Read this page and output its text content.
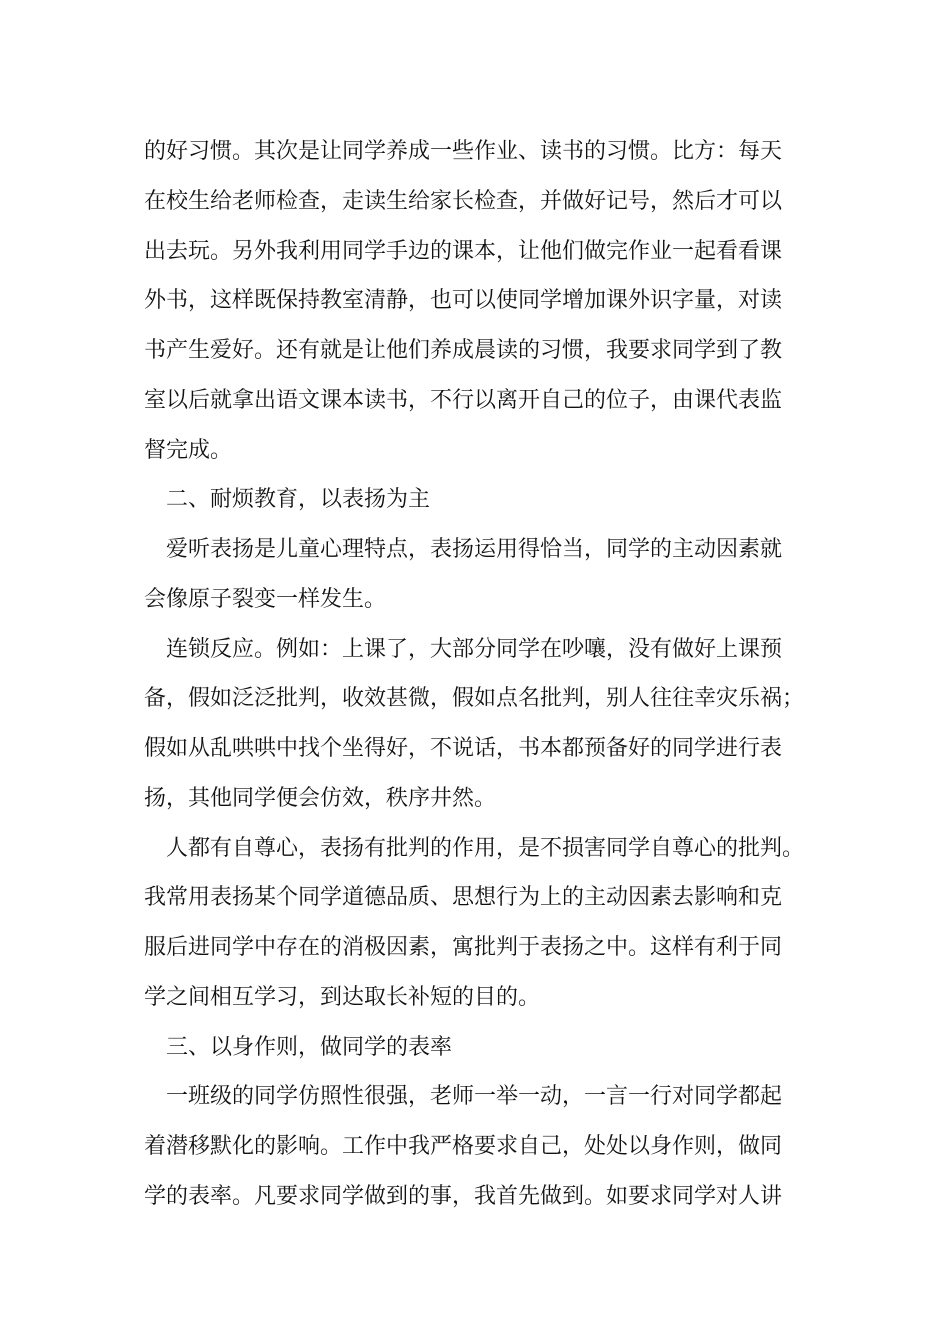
的好习惯。其次是让同学养成一些作业、读书的习惯。比方：每天
在校生给老师检查，走读生给家长检查，并做好记号，然后才可以
出去玩。另外我利用同学手边的课本，让他们做完作业一起看看课
外书，这样既保持教室清静，也可以使同学增加课外识字量，对读
书产生爱好。还有就是让他们养成晨读的习惯，我要求同学到了教
室以后就拿出语文课本读书，不行以离开自己的位子，由课代表监
督完成。
二、耐烦教育，以表扬为主
爱听表扬是儿童心理特点，表扬运用得恰当，同学的主动因素就
会像原子裂变一样发生。
连锁反应。例如：上课了，大部分同学在吵嚷，没有做好上课预
备，假如泛泛批判，收效甚微，假如点名批判，别人往往幸灾乐祸；
假如从乱哄哄中找个坐得好，不说话，书本都预备好的同学进行表
扬，其他同学便会仿效，秩序井然。
人都有自尊心，表扬有批判的作用，是不损害同学自尊心的批判。
我常用表扬某个同学道德品质、思想行为上的主动因素去影响和克
服后进同学中存在的消极因素，寓批判于表扬之中。这样有利于同
学之间相互学习，到达取长补短的目的。
三、以身作则，做同学的表率
一班级的同学仿照性很强，老师一举一动，一言一行对同学都起
着潜移默化的影响。工作中我严格要求自己，处处以身作则，做同
学的表率。凡要求同学做到的事，我首先做到。如要求同学对人讲
